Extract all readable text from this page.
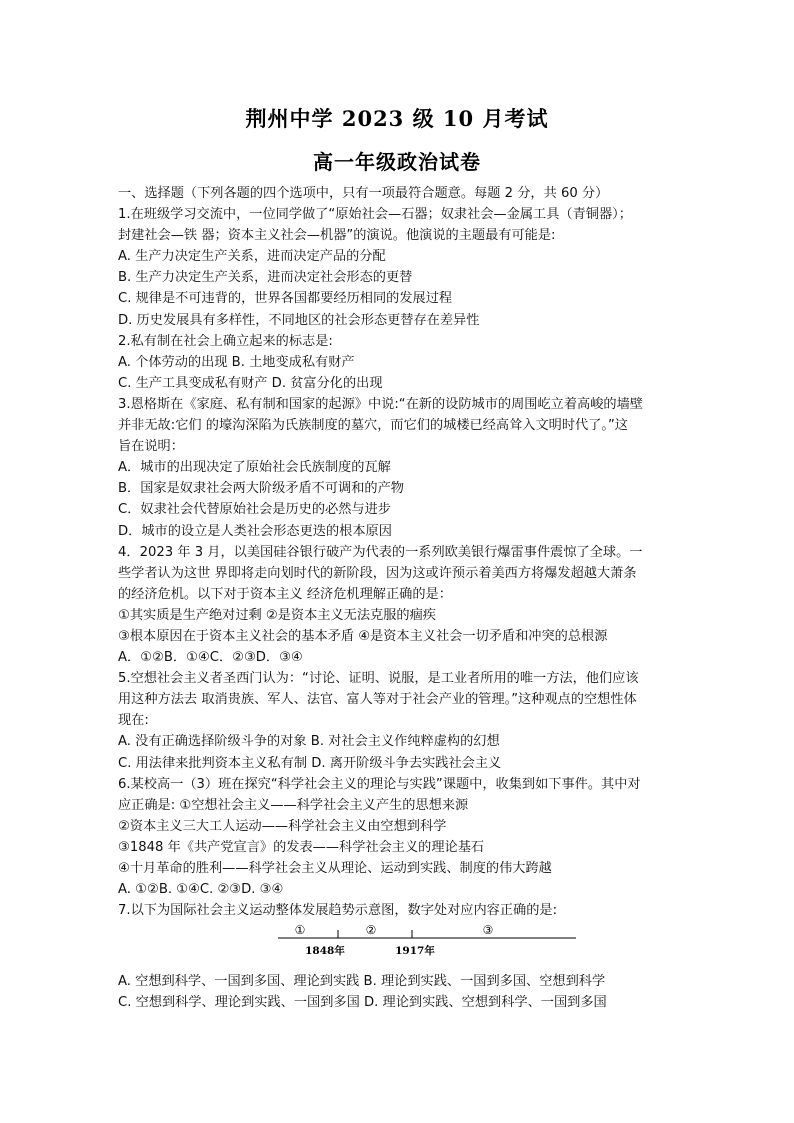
荆州中学 2023 级 10 月考试
高一年级政治试卷
一、选择题（下列各题的四个选项中，只有一项最符合题意。每题 2 分，共 60 分）
1.在班级学习交流中，一位同学做了“原始社会—石器；奴隶社会—金属工具（青铜器）；
封建社会—铁 器；资本主义社会—机器”的演说。他演说的主题最有可能是:
A. 生产力决定生产关系，进而决定产品的分配
B. 生产力决定生产关系，进而决定社会形态的更替
C. 规律是不可违背的，世界各国都要经历相同的发展过程
D. 历史发展具有多样性，不同地区的社会形态更替存在差异性
2.私有制在社会上确立起来的标志是:
A. 个体劳动的出现 B. 土地变成私有财产
C. 生产工具变成私有财产 D. 贫富分化的出现
3.恩格斯在《家庭、私有制和国家的起源》中说:“在新的设防城市的周围屹立着高峻的墙壁
并非无故:它们 的壕沟深陷为氏族制度的墓穴，而它们的城楼已经高耸入文明时代了。”这
旨在说明：
A．城市的出现决定了原始社会氏族制度的瓦解
B．国家是奴隶社会两大阶级矛盾不可调和的产物
C．奴隶社会代替原始社会是历史的必然与进步
D．城市的设立是人类社会形态更迭的根本原因
4．2023 年 3 月，以美国硅谷银行破产为代表的一系列欧美银行爆雷事件震惊了全球。一
些学者认为这世 界即将走向划时代的新阶段，因为这或许预示着美西方将爆发超越大萧条
的经济危机。以下对于资本主义 经济危机理解正确的是：
①其实质是生产绝对过剩 ②是资本主义无法克服的痼疾
③根本原因在于资本主义社会的基本矛盾 ④是资本主义社会一切矛盾和冲突的总根源
A．①②B．①④C．②③D．③④
5.空想社会主义者圣西门认为：“讨论、证明、说服，是工业者所用的唯一方法，他们应该
用这种方法去 取消贵族、军人、法官、富人等对于社会产业的管理。”这种观点的空想性体
现在:
A. 没有正确选择阶级斗争的对象 B. 对社会主义作纯粹虚构的幻想
C. 用法律来批判资本主义私有制 D. 离开阶级斗争去实践社会主义
6.某校高一（3）班在探究“科学社会主义的理论与实践”课题中，收集到如下事件。其中对
应正确是: ①空想社会主义——科学社会主义产生的思想来源
②资本主义三大工人运动——科学社会主义由空想到科学
③1848 年《共产党宣言》的发表——科学社会主义的理论基石
④十月革命的胜利——科学社会主义从理论、运动到实践、制度的伟大跨越
A. ①②B. ①④C. ②③D. ③④
7.以下为国际社会主义运动整体发展趋势示意图，数字处对应内容正确的是:
①	②	③
1848年	1917年
A. 空想到科学、一国到多国、理论到实践 B. 理论到实践、一国到多国、空想到科学
C. 空想到科学、理论到实践、一国到多国 D. 理论到实践、空想到科学、一国到多国
